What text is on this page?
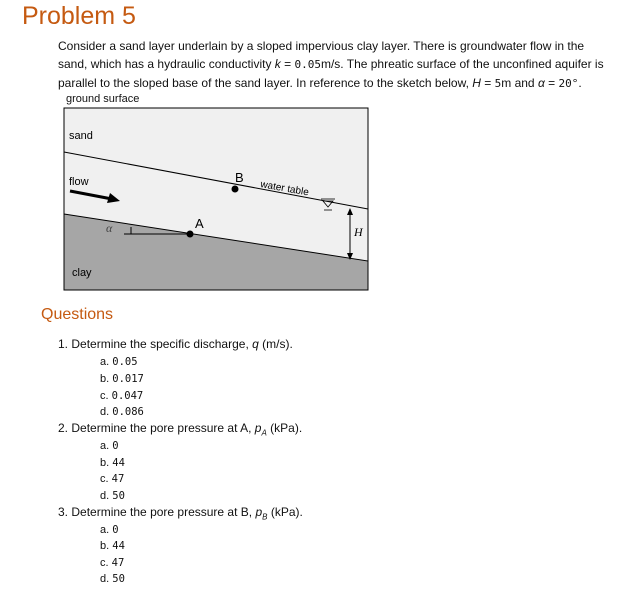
Problem 5
Consider a sand layer underlain by a sloped impervious clay layer. There is groundwater flow in the sand, which has a hydraulic conductivity k = 0.05m/s. The phreatic surface of the unconfined aquifer is parallel to the sloped base of the sand layer. In reference to the sketch below, H = 5m and α = 20°.
ground surface
α	A
B
water table
H
sand
flow
clay
Questions
1. Determine the specific discharge, q (m/s).
a. 0.05
b. 0.017
c. 0.047
d. 0.086
2. Determine the pore pressure at A, $p_A$ (kPa).
a. 0
b. 44
c. 47
d. 50
3. Determine the pore pressure at B, $p_B$ (kPa).
a. 0
b. 44
c. 47
d. 50
